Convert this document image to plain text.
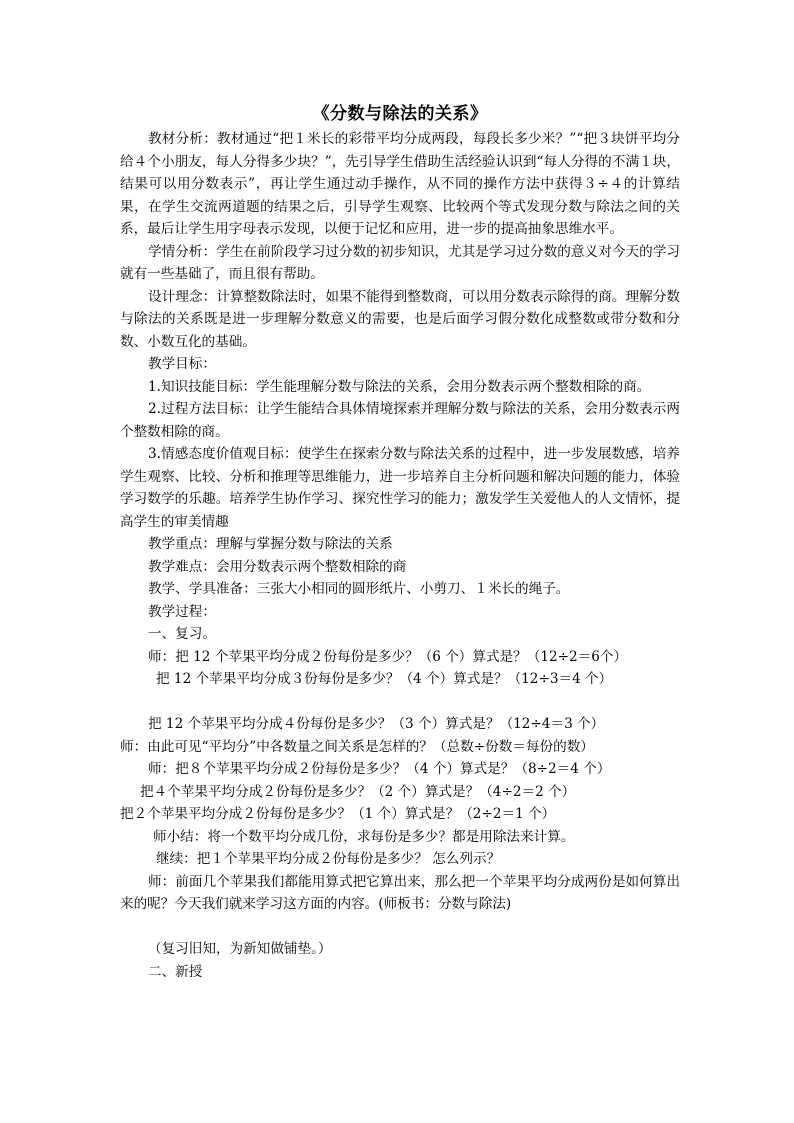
《分数与除法的关系》

教材分析：教材通过“把１米长的彩带平均分成两段，每段长多少米？”“把３块饼平均分给４个小朋友，每人分得多少块？”，先引导学生借助生活经验认识到“每人分得的不满１块，结果可以用分数表示”，再让学生通过动手操作，从不同的操作方法中获得３÷４的计算结果，在学生交流两道题的结果之后，引导学生观察、比较两个等式发现分数与除法之间的关系，最后让学生用字母表示发现，以便于记忆和应用，进一步的提高抽象思维水平。

学情分析：学生在前阶段学习过分数的初步知识，尤其是学习过分数的意义对今天的学习就有一些基础了，而且很有帮助。

设计理念：计算整数除法时，如果不能得到整数商，可以用分数表示除得的商。理解分数与除法的关系既是进一步理解分数意义的需要，也是后面学习假分数化成整数或带分数和分数、小数互化的基础。

教学目标：

1.知识技能目标：学生能理解分数与除法的关系，会用分数表示两个整数相除的商。

2.过程方法目标：让学生能结合具体情境探索并理解分数与除法的关系，会用分数表示两个整数相除的商。

3.情感态度价值观目标：使学生在探索分数与除法关系的过程中，进一步发展数感，培养学生观察、比较、分析和推理等思维能力，进一步培养自主分析问题和解决问题的能力，体验学习数学的乐趣。培养学生协作学习、探究性学习的能力；激发学生关爱他人的人文情怀，提高学生的审美情趣

教学重点：理解与掌握分数与除法的关系

教学难点：会用分数表示两个整数相除的商

教学、学具准备：三张大小相同的圆形纸片、小剪刀、１米长的绳子。

教学过程：

一、复习。

师：把 12 个苹果平均分成２份每份是多少？（6 个）算式是？（12÷2＝6个）

把 12 个苹果平均分成３份每份是多少？（4 个）算式是？（12÷3＝4 个）

把 12 个苹果平均分成４份每份是多少？（3 个）算式是？（12÷4＝3 个）

师：由此可见“平均分”中各数量之间关系是怎样的？（总数÷份数＝每份的数）

师：把８个苹果平均分成２份每份是多少？（4 个）算式是？（8÷2＝4 个）

把４个苹果平均分成２份每份是多少？（2 个）算式是？（4÷2＝2 个）

把２个苹果平均分成２份每份是多少？（1 个）算式是？（2÷2＝1 个）

师小结：将一个数平均分成几份，求每份是多少？都是用除法来计算。

继续：把１个苹果平均分成２份每份是多少？ 怎么列示？

师：前面几个苹果我们都能用算式把它算出来，那么把一个苹果平均分成两份是如何算出来的呢？今天我们就来学习这方面的内容。(师板书：分数与除法)

（复习旧知，为新知做铺垫。）

二、新授
